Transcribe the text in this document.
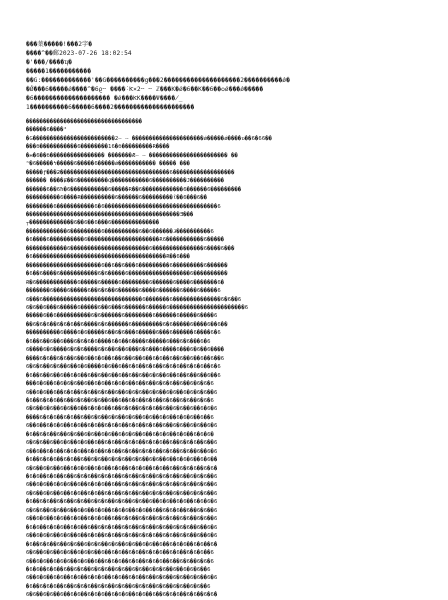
���葉�����!���2字�
����^��郵2023-07-26 18:02:54
�'���/����ҵ�
�����1�����������
��G:�������������'��G����������g���2��������������������2����������ǿ�
�Ǿ���6�����ǿ����^�6ϱ╌ ����˸Ƙ×2╌ ╌ ℤ���K�ǿ�6��K��6��꧐ǿ���ǿ�����
�6�������������������� �ǿ���ƘK����Ψ����̸̲
1����������6�����6����2���������������������
����������������������������������
������6����²
�G������������������������2╌ ╌ ���������������������ǿ�����ǿ����ʋ��6�66��
���б�����������6��������16�б���������Ɍ����
�ʜ�6��б���������������� �������Æ╌ ╌ ����������������������� ��
ʰ�6�����ϟ�����6�����6�����ǿ����������� ����� ���
�����ƒ���ƻ��������������������������������6������������������
������ ����Ɇ��6���������Ɋ�����������6����������J����������
������6��6ħ�6�����������6�����Ɍ��6������������6������6���������
����������6����Ɍ����������6������6���������ΐ��6���6��
��������6�����������6�6���������������������������������6
���������������������������������������������Ǝ���
┬�������������6��6��6���6��������������
������������6���������6����������6��6������Ɉ����������6
�6����6����������6���������������������Ɍ6�����������6�����
������������6�����������������������6���������������6����6���
�6���������������������������������������Ɍ��6���
����������������������6��6��6���6���������6���������6������
�6��6����6�����������6�6�����6������������������6����������
Ɍ�6������������6�����6�����6��������6������6����6�������6�
�������6����6�����6��6�6��6������6����6������6����6�����6
6���6�����������������������������6�������6��������������6�6��6
6�6��6���6�����6�����6��6���6������6�����6����������������������6
�����6��6����������6�6������6��������6������6�����6����6
��6�6�6��6�6�6��6����6�6������6���������6�6�����6����6��6��
����������6����6�6�����6��6�6���6�����6���6������6����6�6
�6��6��6��6���6�6�6�6����6�6��6����6�����6���6�6���6�6
6����6�6����6�6�6����6�6��6��6���6�6���6����6���6�6��6����
����6�6��6�6��6��6��6�6��6��6��6��6��6�6��6��6��6��6��6��6
6�6�6��6�6��6��6�6����6�6��6��6�6��6�6��6�6�6��6�6�6��6�6
�6��6��6��6��6�6��6��6��6��6��6��6��6�6��6��6��6��6��6��6
���6�6��6�6�6�6��6��6�6��6�6�6��6��6��6�6�6��6��6�6�6�6
6��6�6��6��6�6��6�6��6�6��6��6�6�6��6�6��6�6��6�6�6�6��6
�6��6�6�6��6��6�6��6�6��6��6��6�6��6�6��6�6��6�6��6�6�6
6�6��6�6��6�6��6��6�6�6��6��6�6��6�6�6��6��6�6��6��6�6�6
����6�6�6��6�6��6��6�6��6�6��6�6��6�6��6�6��6�6�6��6��6
6��6��6�6�6��6�6��6�6��6�6�6��6�6��6�6��6��6�6��6�6��6�6
�6��6�6��6��6�6��6�6��6�6��6�6�6��6��6�6�6��6�6��6�6�6�
6�6�6��6��6�6��6�6��6��6�6��6�6�6��6�6�6��6��6�6�6��6��6
6��6��6�6��6�6�6��6�6��6�6��6�6��6�6�6��6�6��6�6��6��6�6
�6��6�6�6��6�6��6��6�6��6�6�6��6�6��6�6��6��6�6�6��6�6��
6�6��6�6��6��6�6�6��6�6��6�6��6�6�6��6�6��6��6�6�6��6�6�
�6�6��6�6��6��6�6�6��6�6�6��6�6��6�6��6�6�6��6��6�6�6��6
6��6�6��6�6�6��6��6�6�6��6��6�6��6�6��6�6�6��6�6��6�6��6
6�6��6�6��6��6�6��6�6��6�6��6�6��6��6�6�6��6�6��6�6�6��6
�6��6�6��6�6��6�6��6�6�6��6�6��6�6��6��6�6��6�6��6�6�6�6
6�6�6��6�6��6��6�6��6�6��6�6�6��6�6��6��6�6�6��6��6�6��6
6��6�6��6�6��6�6��6�6�6��6��6�6��6�6��6�6�6��6�6��6�6��6
�6�6��6�6�6��6�6��6��6�6�6��6�6��6�6��6�6��6�6�6��6��6�6
6��6�6�6��6�6��6��6�6��6�6��6�6��6�6�6��6�6��6�6��6��6�6
�6��6�6��6��6�6��6�6�6��6�6��6�6��6�6��6��6�6�6��6�6��6�
6�6��6�6��6�6��6�6�6��6��6�6��6�6��6�6�6��6�6��6�6�6��6
6��6�6��6�6�6��6�6��6��6�6�6��6�6��6�6�6��6��6�6��6�6�6
�6�6��6�6��6��6�6��6�6�6��6�6��6�6��6�6�6��6��6�6�6��6
6��6�6��6�6��6�6��6�6�6��6�6��6�6��6��6�6��6�6��6�6��6�6
�6��6�6�6��6��6�6�6��6�6��6�6��6�6�6��6�6��6�6��6�6��6
6�6��6�6��6��6�6��6�6�6��6�6�6��6�6��6��6�6�6��6�6��6�6�
